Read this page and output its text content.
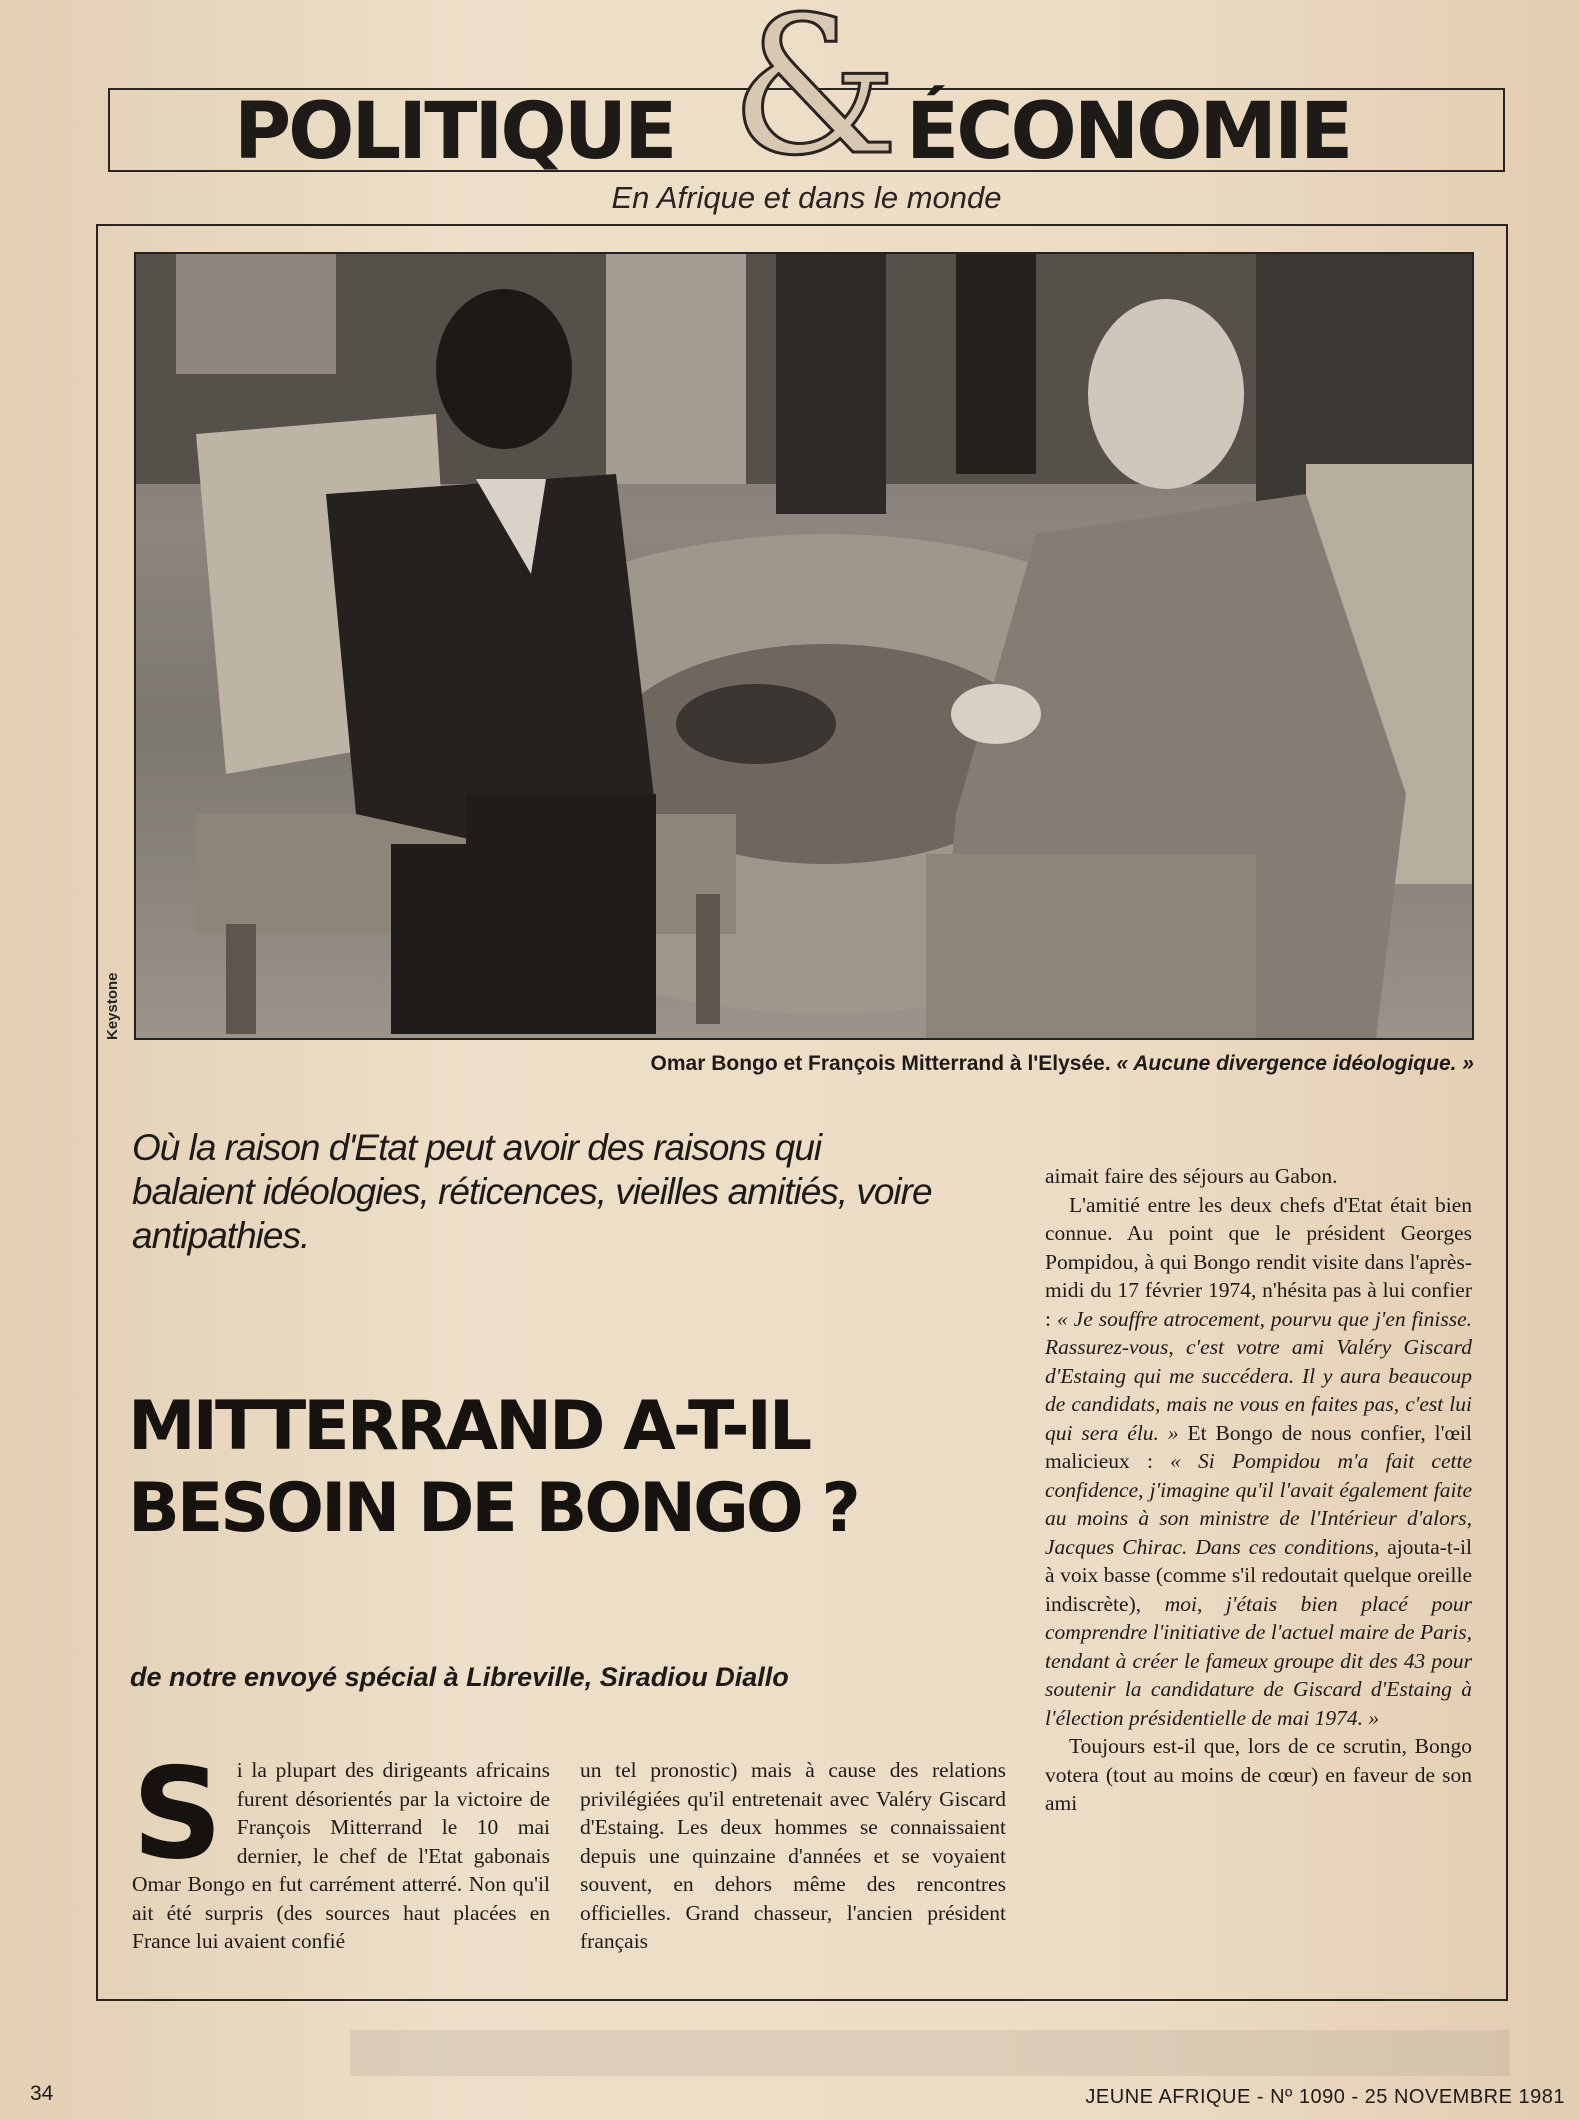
POLITIQUE	ÉCONOMIE
&
En Afrique et dans le monde
Keystone
Omar Bongo et François Mitterrand à l'Elysée. « Aucune divergence idéologique. »
Où la raison d'Etat peut avoir des raisons qui balaient idéologies, réticences, vieilles amitiés, voire antipathies.
MITTERRAND A-T-IL BESOIN DE BONGO ?
de notre envoyé spécial à Libreville, Siradiou Diallo
S i la plupart des dirigeants africains furent désorientés par la victoire de François Mitterrand le 10 mai dernier, le chef de l'Etat gabonais Omar Bongo en fut carrément atterré. Non qu'il ait été surpris (des sources haut placées en France lui avaient confié
un tel pronostic) mais à cause des relations privilégiées qu'il entretenait avec Valéry Giscard d'Estaing. Les deux hommes se connaissaient depuis une quinzaine d'années et se voyaient souvent, en dehors même des rencontres officielles. Grand chasseur, l'ancien président français

aimait faire des séjours au Gabon.

L'amitié entre les deux chefs d'Etat était bien connue. Au point que le président Georges Pompidou, à qui Bongo rendit visite dans l'après-midi du 17 février 1974, n'hésita pas à lui confier : « Je souffre atrocement, pourvu que j'en finisse. Rassurez-vous, c'est votre ami Valéry Giscard d'Estaing qui me succédera. Il y aura beaucoup de candidats, mais ne vous en faites pas, c'est lui qui sera élu. » Et Bongo de nous confier, l'œil malicieux : « Si Pompidou m'a fait cette confidence, j'imagine qu'il l'avait également faite au moins à son ministre de l'Intérieur d'alors, Jacques Chirac. Dans ces conditions, ajouta-t-il à voix basse (comme s'il redoutait quelque oreille indiscrète), moi, j'étais bien placé pour comprendre l'initiative de l'actuel maire de Paris, tendant à créer le fameux groupe dit des 43 pour soutenir la candidature de Giscard d'Estaing à l'élection présidentielle de mai 1974. »

Toujours est-il que, lors de ce scrutin, Bongo votera (tout au moins de cœur) en faveur de son ami

34	JEUNE AFRIQUE - Nº 1090 - 25 NOVEMBRE 1981
